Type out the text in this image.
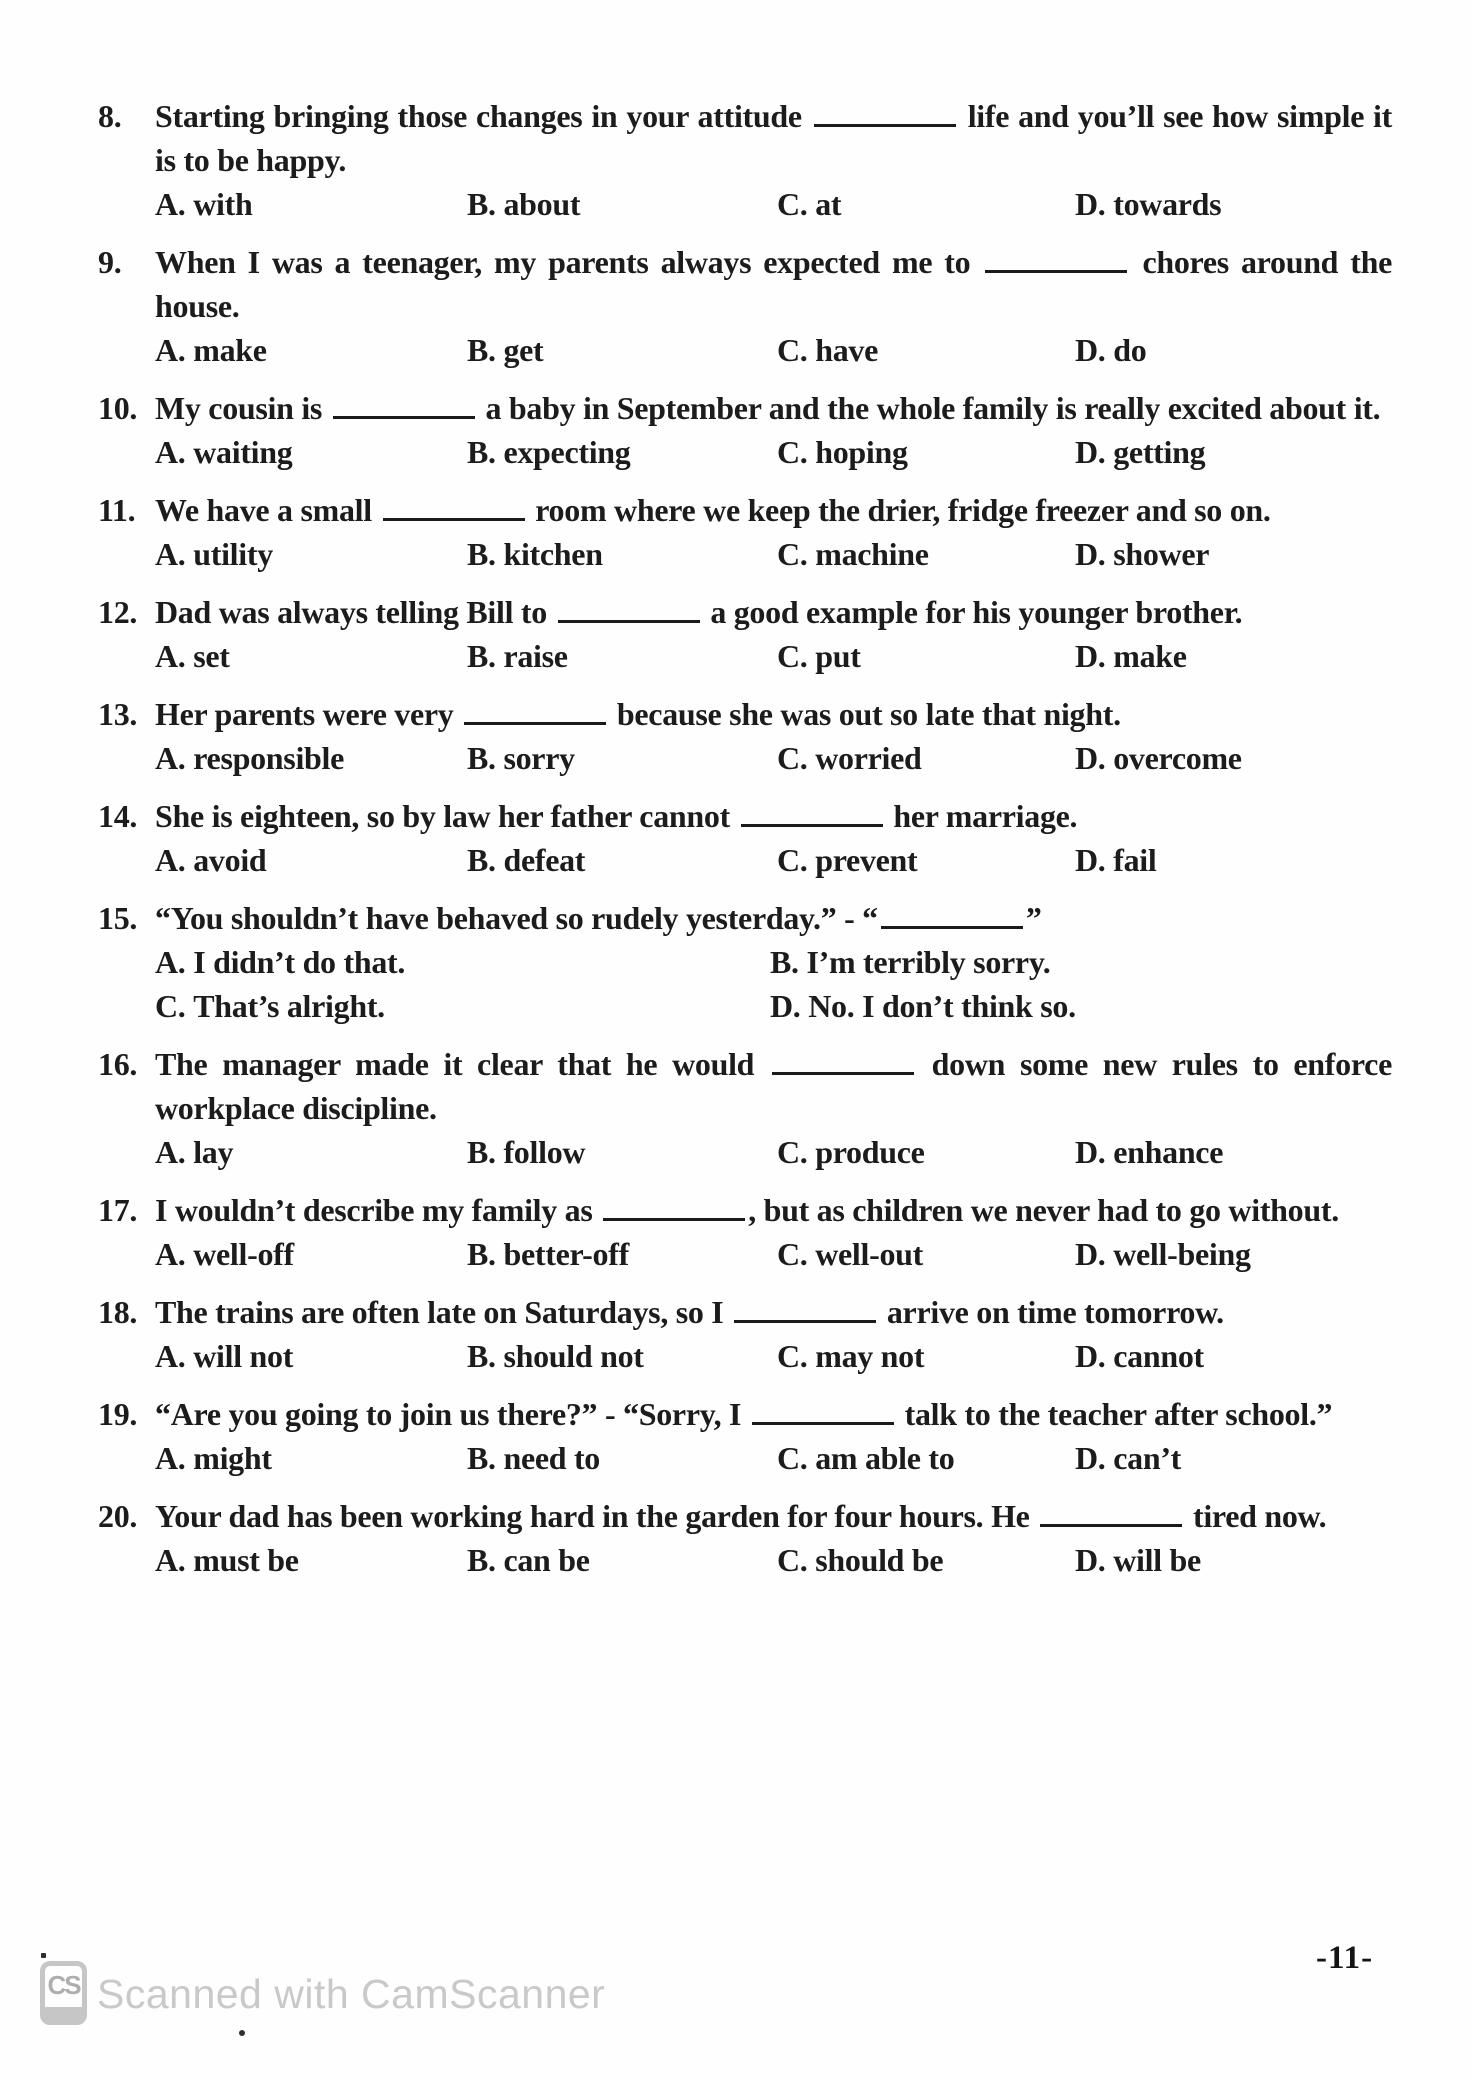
8.	Starting bringing those changes in your attitude	life and you’ll see how simple it is to be happy.
A. with	B. about	C. at	D. towards
9.	When I was a teenager, my parents always expected me to	chores around the house.
A. make	B. get	C. have	D. do
10. My cousin is	a baby in September and the whole family is really excited about it.
A. waiting	B. expecting	C. hoping	D. getting
11. We have a small	room where we keep the drier, fridge freezer and so on.
A. utility	B. kitchen	C. machine	D. shower
12. Dad was always telling Bill to	a good example for his younger brother.
A. set	B. raise	C. put	D. make
13. Her parents were very	because she was out so late that night.
A. responsible	B. sorry	C. worried	D. overcome
14. She is eighteen, so by law her father cannot	her marriage.
A. avoid	B. defeat	C. prevent	D. fail
15. “You shouldn’t have behaved so rudely yesterday.” - “	”
A. I didn’t do that.	B. I’m terribly sorry.
C. That’s alright.	D. No. I don’t think so.
16. The manager made it clear that he would	down some new rules to enforce workplace discipline.
A. lay	B. follow	C. produce	D. enhance
17. I wouldn’t describe my family as	, but as children we never had to go without.
A. well-off	B. better-off	C. well-out	D. well-being
18. The trains are often late on Saturdays, so I	arrive on time tomorrow.
A. will not	B. should not	C. may not	D. cannot
19. “Are you going to join us there?” - “Sorry, I	talk to the teacher after school.”
A. might	B. need to	C. am able to	D. can’t
20. Your dad has been working hard in the garden for four hours. He	tired now.
A. must be	B. can be	C. should be	D. will be
CS Scanned with CamScanner
-11-
